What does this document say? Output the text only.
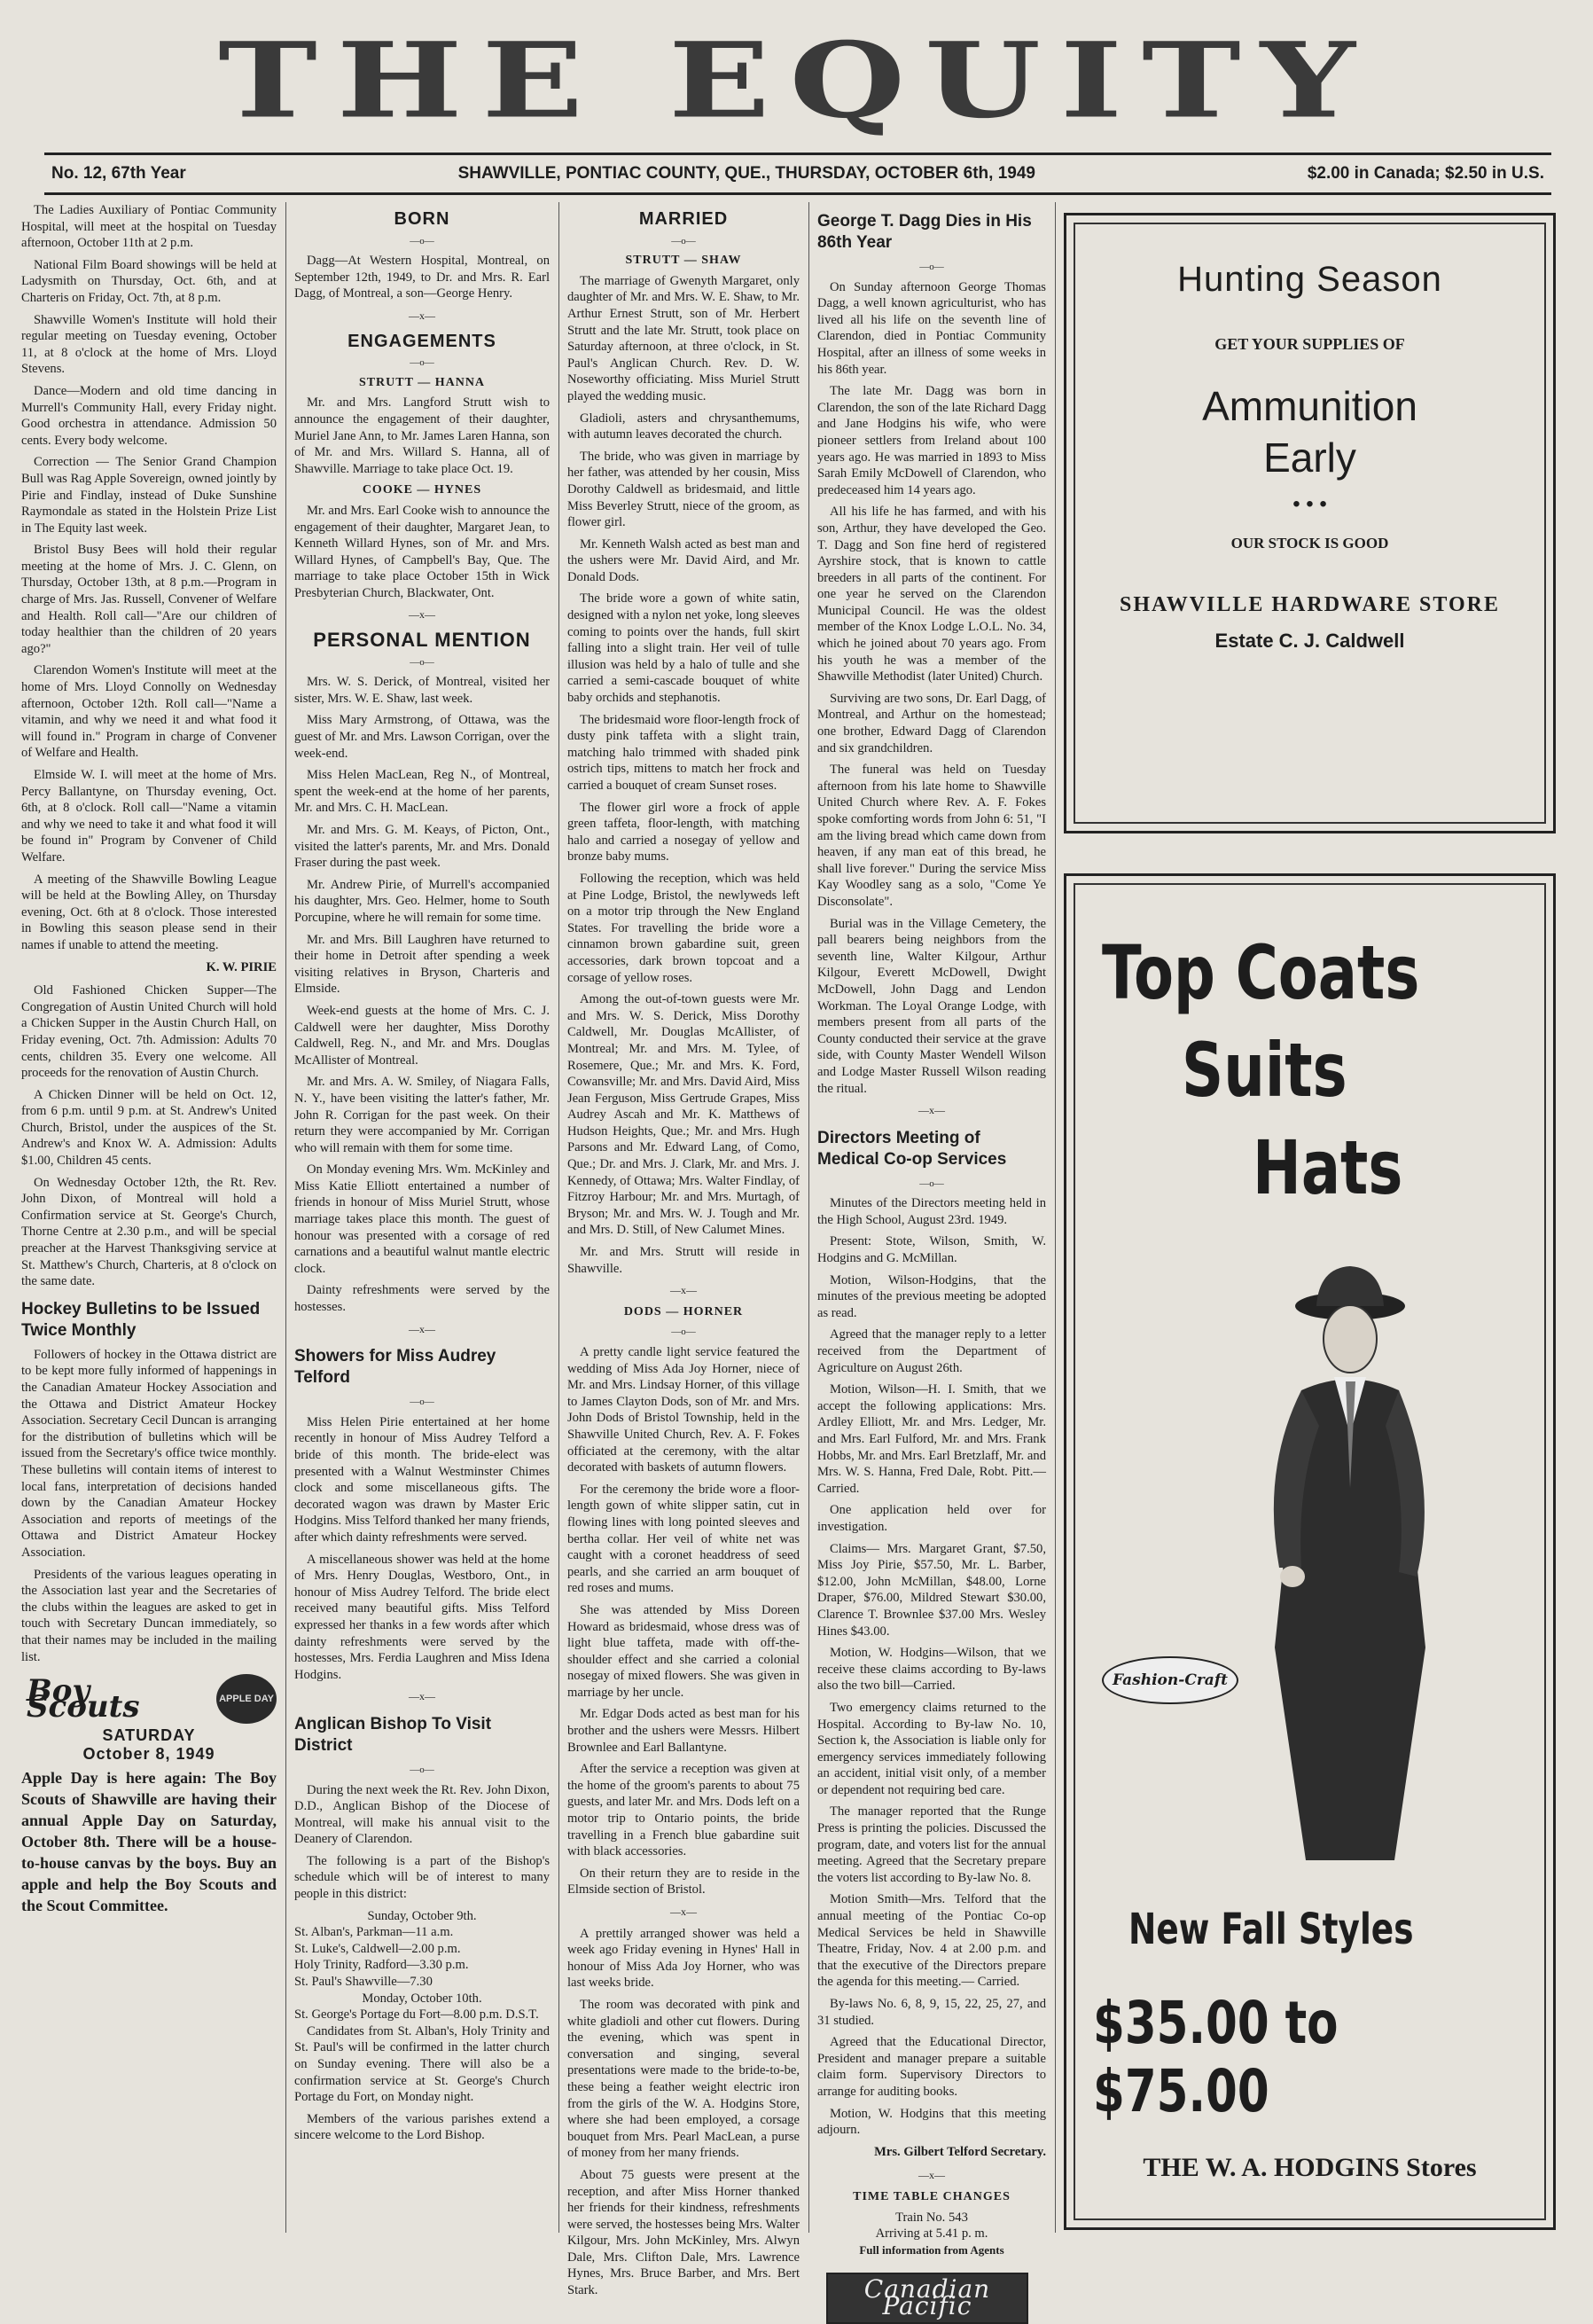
THE EQUITY
No. 12, 67th Year	SHAWVILLE, PONTIAC COUNTY, QUE., THURSDAY, OCTOBER 6th, 1949	$2.00 in Canada; $2.50 in U.S.

The Ladies Auxiliary of Pontiac Community Hospital, will meet at the hospital on Tuesday afternoon, October 11th at 2 p.m.

National Film Board showings will be held at Ladysmith on Thursday, Oct. 6th, and at Charteris on Friday, Oct. 7th, at 8 p.m.

Shawville Women's Institute will hold their regular meeting on Tuesday evening, October 11, at 8 o'clock at the home of Mrs. Lloyd Stevens.

Dance—Modern and old time dancing in Murrell's Community Hall, every Friday night. Good orchestra in attendance. Admission 50 cents. Every body welcome.

Correction — The Senior Grand Champion Bull was Rag Apple Sovereign, owned jointly by Pirie and Findlay, instead of Duke Sunshine Raymondale as stated in the Holstein Prize List in The Equity last week.

Bristol Busy Bees will hold their regular meeting at the home of Mrs. J. C. Glenn, on Thursday, October 13th, at 8 p.m.—Program in charge of Mrs. Jas. Russell, Convener of Welfare and Health. Roll call—"Are our children of today healthier than the children of 20 years ago?"

Clarendon Women's Institute will meet at the home of Mrs. Lloyd Connolly on Wednesday afternoon, October 12th. Roll call—"Name a vitamin, and why we need it and what food it will found in." Program in charge of Convener of Welfare and Health.

Elmside W. I. will meet at the home of Mrs. Percy Ballantyne, on Thursday evening, Oct. 6th, at 8 o'clock. Roll call—"Name a vitamin and why we need to take it and what food it will be found in" Program by Convener of Child Welfare.

A meeting of the Shawville Bowling League will be held at the Bowling Alley, on Thursday evening, Oct. 6th at 8 o'clock. Those interested in Bowling this season please send in their names if unable to attend the meeting.

K. W. PIRIE

Old Fashioned Chicken Supper—The Congregation of Austin United Church will hold a Chicken Supper in the Austin Church Hall, on Friday evening, Oct. 7th. Admission: Adults 70 cents, children 35. Every one welcome. All proceeds for the renovation of Austin Church.

A Chicken Dinner will be held on Oct. 12, from 6 p.m. until 9 p.m. at St. Andrew's United Church, Bristol, under the auspices of the St. Andrew's and Knox W. A. Admission: Adults $1.00, Children 45 cents.

On Wednesday October 12th, the Rt. Rev. John Dixon, of Montreal will hold a Confirmation service at St. George's Church, Thorne Centre at 2.30 p.m., and will be special preacher at the Harvest Thanksgiving service at St. Matthew's Church, Charteris, at 8 o'clock on the same date.

Hockey Bulletins to be Issued Twice Monthly

Followers of hockey in the Ottawa district are to be kept more fully informed of happenings in the Canadian Amateur Hockey Association and the Ottawa and District Amateur Hockey Association. Secretary Cecil Duncan is arranging for the distribution of bulletins which will be issued from the Secretary's office twice monthly. These bulletins will contain items of interest to local fans, interpretation of decisions handed down by the Canadian Amateur Hockey Association and reports of meetings of the Ottawa and District Amateur Hockey Association.

Presidents of the various leagues operating in the Association last year and the Secretaries of the clubs within the leagues are asked to get in touch with Secretary Duncan immediately, so that their names may be included in the mailing list.

Boy Scouts	APPLE DAY
SATURDAY
October 8, 1949

Apple Day is here again: The Boy Scouts of Shawville are having their annual Apple Day on Saturday, October 8th. There will be a house-to-house canvas by the boys. Buy an apple and help the Boy Scouts and the Scout Committee.

BORN
—o—

Dagg—At Western Hospital, Montreal, on September 12th, 1949, to Dr. and Mrs. R. Earl Dagg, of Montreal, a son—George Henry.

—x—
ENGAGEMENTS
—o—
STRUTT — HANNA

Mr. and Mrs. Langford Strutt wish to announce the engagement of their daughter, Muriel Jane Ann, to Mr. James Laren Hanna, son of Mr. and Mrs. Willard S. Hanna, all of Shawville. Marriage to take place Oct. 19.

COOKE — HYNES

Mr. and Mrs. Earl Cooke wish to announce the engagement of their daughter, Margaret Jean, to Kenneth Willard Hynes, son of Mr. and Mrs. Willard Hynes, of Campbell's Bay, Que. The marriage to take place October 15th in Wick Presbyterian Church, Blackwater, Ont.

—x—
PERSONAL MENTION
—o—

Mrs. W. S. Derick, of Montreal, visited her sister, Mrs. W. E. Shaw, last week.

Miss Mary Armstrong, of Ottawa, was the guest of Mr. and Mrs. Lawson Corrigan, over the week-end.

Miss Helen MacLean, Reg N., of Montreal, spent the week-end at the home of her parents, Mr. and Mrs. C. H. MacLean.

Mr. and Mrs. G. M. Keays, of Picton, Ont., visited the latter's parents, Mr. and Mrs. Donald Fraser during the past week.

Mr. Andrew Pirie, of Murrell's accompanied his daughter, Mrs. Geo. Helmer, home to South Porcupine, where he will remain for some time.

Mr. and Mrs. Bill Laughren have returned to their home in Detroit after spending a week visiting relatives in Bryson, Charteris and Elmside.

Week-end guests at the home of Mrs. C. J. Caldwell were her daughter, Miss Dorothy Caldwell, Reg. N., and Mr. and Mrs. Douglas McAllister of Montreal.

Mr. and Mrs. A. W. Smiley, of Niagara Falls, N. Y., have been visiting the latter's father, Mr. John R. Corrigan for the past week. On their return they were accompanied by Mr. Corrigan who will remain with them for some time.

On Monday evening Mrs. Wm. McKinley and Miss Katie Elliott entertained a number of friends in honour of Miss Muriel Strutt, whose marriage takes place this month. The guest of honour was presented with a corsage of red carnations and a beautiful walnut mantle electric clock.

Dainty refreshments were served by the hostesses.

—x—
Showers for Miss Audrey Telford
—o—

Miss Helen Pirie entertained at her home recently in honour of Miss Audrey Telford a bride of this month. The bride-elect was presented with a Walnut Westminster Chimes clock and some miscellaneous gifts. The decorated wagon was drawn by Master Eric Hodgins. Miss Telford thanked her many friends, after which dainty refreshments were served.

A miscellaneous shower was held at the home of Mrs. Henry Douglas, Westboro, Ont., in honour of Miss Audrey Telford. The bride elect received many beautiful gifts. Miss Telford expressed her thanks in a few words after which dainty refreshments were served by the hostesses, Mrs. Ferdia Laughren and Miss Idena Hodgins.

—x—
Anglican Bishop To Visit District
—o—

During the next week the Rt. Rev. John Dixon, D.D., Anglican Bishop of the Diocese of Montreal, will make his annual visit to the Deanery of Clarendon.

The following is a part of the Bishop's schedule which will be of interest to many people in this district:

Sunday, October 9th.
St. Alban's, Parkman—11 a.m.
St. Luke's, Caldwell—2.00 p.m.
Holy Trinity, Radford—3.30 p.m.
St. Paul's Shawville—7.30
Monday, October 10th.
St. George's Portage du Fort—8.00 p.m. D.S.T.

Candidates from St. Alban's, Holy Trinity and St. Paul's will be confirmed in the latter church on Sunday evening. There will also be a confirmation service at St. George's Church Portage du Fort, on Monday night.

Members of the various parishes extend a sincere welcome to the Lord Bishop.

MARRIED
—o—
STRUTT — SHAW

The marriage of Gwenyth Margaret, only daughter of Mr. and Mrs. W. E. Shaw, to Mr. Arthur Ernest Strutt, son of Mr. Herbert Strutt and the late Mr. Strutt, took place on Saturday afternoon, at three o'clock, in St. Paul's Anglican Church. Rev. D. W. Noseworthy officiating. Miss Muriel Strutt played the wedding music.

Gladioli, asters and chrysanthemums, with autumn leaves decorated the church.

The bride, who was given in marriage by her father, was attended by her cousin, Miss Dorothy Caldwell as bridesmaid, and little Miss Beverley Strutt, niece of the groom, as flower girl.

Mr. Kenneth Walsh acted as best man and the ushers were Mr. David Aird, and Mr. Donald Dods.

The bride wore a gown of white satin, designed with a nylon net yoke, long sleeves coming to points over the hands, full skirt falling into a slight train. Her veil of tulle illusion was held by a halo of tulle and she carried a semi-cascade bouquet of white baby orchids and stephanotis.

The bridesmaid wore floor-length frock of dusty pink taffeta with a slight train, matching halo trimmed with shaded pink ostrich tips, mittens to match her frock and carried a bouquet of cream Sunset roses.

The flower girl wore a frock of apple green taffeta, floor-length, with matching halo and carried a nosegay of yellow and bronze baby mums.

Following the reception, which was held at Pine Lodge, Bristol, the newlyweds left on a motor trip through the New England States. For travelling the bride wore a cinnamon brown gabardine suit, green accessories, dark brown topcoat and a corsage of yellow roses.

Among the out-of-town guests were Mr. and Mrs. W. S. Derick, Miss Dorothy Caldwell, Mr. Douglas McAllister, of Montreal; Mr. and Mrs. M. Tylee, of Rosemere, Que.; Mr. and Mrs. K. Ford, Cowansville; Mr. and Mrs. David Aird, Miss Jean Ferguson, Miss Gertrude Grapes, Miss Audrey Ascah and Mr. K. Matthews of Hudson Heights, Que.; Mr. and Mrs. Hugh Parsons and Mr. Edward Lang, of Como, Que.; Dr. and Mrs. J. Clark, Mr. and Mrs. J. Kennedy, of Ottawa; Mrs. Walter Findlay, of Fitzroy Harbour; Mr. and Mrs. Murtagh, of Bryson; Mr. and Mrs. W. J. Tough and Mr. and Mrs. D. Still, of New Calumet Mines.

Mr. and Mrs. Strutt will reside in Shawville.

—x—
DODS — HORNER
—o—

A pretty candle light service featured the wedding of Miss Ada Joy Horner, niece of Mr. and Mrs. Lindsay Horner, of this village to James Clayton Dods, son of Mr. and Mrs. John Dods of Bristol Township, held in the Shawville United Church, Rev. A. F. Fokes officiated at the ceremony, with the altar decorated with baskets of autumn flowers.

For the ceremony the bride wore a floor-length gown of white slipper satin, cut in flowing lines with long pointed sleeves and bertha collar. Her veil of white net was caught with a coronet headdress of seed pearls, and she carried an arm bouquet of red roses and mums.

She was attended by Miss Doreen Howard as bridesmaid, whose dress was of light blue taffeta, made with off-the-shoulder effect and she carried a colonial nosegay of mixed flowers. She was given in marriage by her uncle.

Mr. Edgar Dods acted as best man for his brother and the ushers were Messrs. Hilbert Brownlee and Earl Ballantyne.

After the service a reception was given at the home of the groom's parents to about 75 guests, and later Mr. and Mrs. Dods left on a motor trip to Ontario points, the bride travelling in a French blue gabardine suit with black accessories.

On their return they are to reside in the Elmside section of Bristol.

—x—

A prettily arranged shower was held a week ago Friday evening in Hynes' Hall in honour of Miss Ada Joy Horner, who was last weeks bride.

The room was decorated with pink and white gladioli and other cut flowers. During the evening, which was spent in conversation and singing, several presentations were made to the bride-to-be, these being a feather weight electric iron from the girls of the W. A. Hodgins Store, where she had been employed, a corsage bouquet from Mrs. Pearl MacLean, a purse of money from her many friends.

About 75 guests were present at the reception, and after Miss Horner thanked her friends for their kindness, refreshments were served, the hostesses being Mrs. Walter Kilgour, Mrs. John McKinley, Mrs. Alwyn Dale, Mrs. Clifton Dale, Mrs. Lawrence Hynes, Mrs. Bruce Barber, and Mrs. Bert Stark.

George T. Dagg Dies in His 86th Year
—o—

On Sunday afternoon George Thomas Dagg, a well known agriculturist, who has lived all his life on the seventh line of Clarendon, died in Pontiac Community Hospital, after an illness of some weeks in his 86th year.

The late Mr. Dagg was born in Clarendon, the son of the late Richard Dagg and Jane Hodgins his wife, who were pioneer settlers from Ireland about 100 years ago. He was married in 1893 to Miss Sarah Emily McDowell of Clarendon, who predeceased him 14 years ago.

All his life he has farmed, and with his son, Arthur, they have developed the Geo. T. Dagg and Son fine herd of registered Ayrshire stock, that is known to cattle breeders in all parts of the continent. For one year he served on the Clarendon Municipal Council. He was the oldest member of the Knox Lodge L.O.L. No. 34, which he joined about 70 years ago. From his youth he was a member of the Shawville Methodist (later United) Church.

Surviving are two sons, Dr. Earl Dagg, of Montreal, and Arthur on the homestead; one brother, Edward Dagg of Clarendon and six grandchildren.

The funeral was held on Tuesday afternoon from his late home to Shawville United Church where Rev. A. F. Fokes spoke comforting words from John 6: 51, "I am the living bread which came down from heaven, if any man eat of this bread, he shall live forever." During the service Miss Kay Woodley sang as a solo, "Come Ye Disconsolate".

Burial was in the Village Cemetery, the pall bearers being neighbors from the seventh line, Walter Kilgour, Arthur Kilgour, Everett McDowell, Dwight McDowell, John Dagg and Lendon Workman. The Loyal Orange Lodge, with members present from all parts of the County conducted their service at the grave side, with County Master Wendell Wilson and Lodge Master Russell Wilson reading the ritual.

—x—
Directors Meeting of Medical Co-op Services
—o—

Minutes of the Directors meeting held in the High School, August 23rd. 1949.

Present: Stote, Wilson, Smith, W. Hodgins and G. McMillan.

Motion, Wilson-Hodgins, that the minutes of the previous meeting be adopted as read.

Agreed that the manager reply to a letter received from the Department of Agriculture on August 26th.

Motion, Wilson—H. I. Smith, that we accept the following applications: Mrs. Ardley Elliott, Mr. and Mrs. Ledger, Mr. and Mrs. Earl Fulford, Mr. and Mrs. Frank Hobbs, Mr. and Mrs. Earl Bretzlaff, Mr. and Mrs. W. S. Hanna, Fred Dale, Robt. Pitt.—Carried.

One application held over for investigation.

Claims— Mrs. Margaret Grant, $7.50, Miss Joy Pirie, $57.50, Mr. L. Barber, $12.00, John McMillan, $48.00, Lorne Draper, $76.00, Mildred Stewart $30.00, Clarence T. Brownlee $37.00 Mrs. Wesley Hines $43.00.

Motion, W. Hodgins—Wilson, that we receive these claims according to By-laws also the two bill—Carried.

Two emergency claims returned to the Hospital. According to By-law No. 10, Section k, the Association is liable only for emergency services immediately following an accident, initial visit only, of a member or dependent not requiring bed care.

The manager reported that the Runge Press is printing the policies. Discussed the program, date, and voters list for the annual meeting. Agreed that the Secretary prepare the voters list according to By-law No. 8.

Motion Smith—Mrs. Telford that the annual meeting of the Pontiac Co-op Medical Services be held in Shawville Theatre, Friday, Nov. 4 at 2.00 p.m. and that the executive of the Directors prepare the agenda for this meeting.— Carried.

By-laws No. 6, 8, 9, 15, 22, 25, 27, and 31 studied.

Agreed that the Educational Director, President and manager prepare a suitable claim form. Supervisory Directors to arrange for auditing books.

Motion, W. Hodgins that this meeting adjourn.

Mrs. Gilbert Telford Secretary.
—x—
TIME TABLE CHANGES
Train No. 543
Arriving at 5.41 p. m.
Full information from Agents
Canadian Pacific
Hunting Season
GET YOUR SUPPLIES OF
Ammunition
Early
• • •
OUR STOCK IS GOOD
SHAWVILLE HARDWARE STORE
Estate C. J. Caldwell
Top Coats
Suits
Hats
Fashion-Craft
New Fall Styles
$35.00 to $75.00
THE W. A. HODGINS Stores
